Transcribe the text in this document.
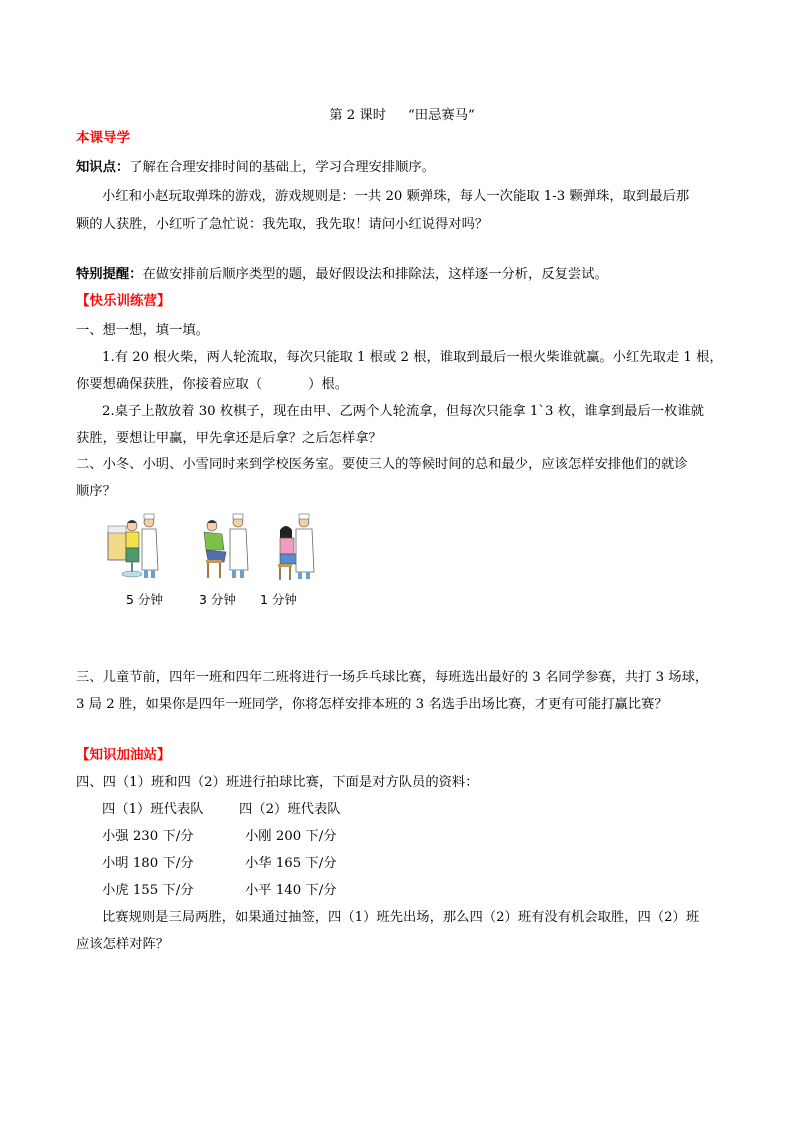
第 2 课时 “田忌赛马”
本课导学
知识点：了解在合理安排时间的基础上，学习合理安排顺序。
小红和小赵玩取弹珠的游戏，游戏规则是：一共 20 颗弹珠，每人一次能取 1-3 颗弹珠，取到最后那
颗的人获胜，小红听了急忙说：我先取，我先取！请问小红说得对吗？
特别提醒：在做安排前后顺序类型的题，最好假设法和排除法，这样逐一分析，反复尝试。
【快乐训练营】
一、想一想，填一填。
1.有 20 根火柴，两人轮流取，每次只能取 1 根或 2 根，谁取到最后一根火柴谁就赢。小红先取走 1 根，
你要想确保获胜，你接着应取（	）根。
2.桌子上散放着 30 枚棋子，现在由甲、乙两个人轮流拿，但每次只能拿 1`3 枚，谁拿到最后一枚谁就
获胜，要想让甲赢，甲先拿还是后拿？之后怎样拿？
二、小冬、小明、小雪同时来到学校医务室。要使三人的等候时间的总和最少，应该怎样安排他们的就诊
顺序？
5 分钟	3 分钟 1 分钟
三、儿童节前，四年一班和四年二班将进行一场乒乓球比赛，每班选出最好的 3 名同学参赛，共打 3 场球，
3 局 2 胜，如果你是四年一班同学，你将怎样安排本班的 3 名选手出场比赛，才更有可能打赢比赛？
【知识加油站】
四、四（1）班和四（2）班进行拍球比赛，下面是对方队员的资料：
四（1）班代表队	四（2）班代表队
小强 230 下/分	小刚 200 下/分
小明 180 下/分	小华 165 下/分
小虎 155 下/分	小平 140 下/分
比赛规则是三局两胜，如果通过抽签，四（1）班先出场，那么四（2）班有没有机会取胜，四（2）班
应该怎样对阵？
